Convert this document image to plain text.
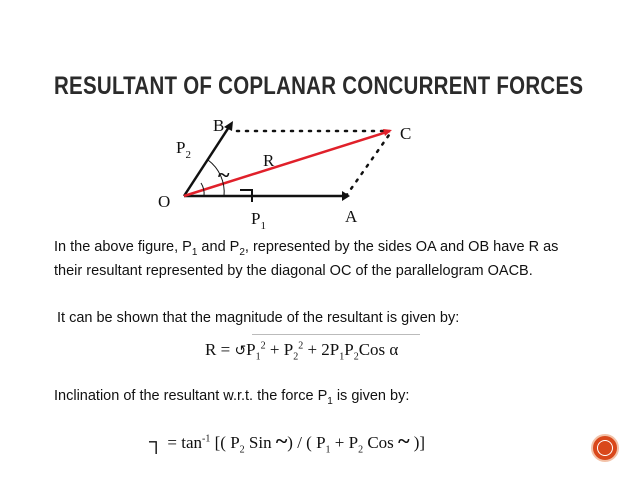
RESULTANT OF COPLANAR CONCURRENT FORCES
B	C
O
A
R
~
$P_2$
$P_1$
In the above figure, $P_1$ and $P_2$, represented by the sides OA and OB have R as their resultant represented by the diagonal OC of the parallelogram OACB.
It can be shown that the magnitude of the resultant is given by:
$R = ↺P_1^2 + P_2^2 + 2P_1P_2Cos$ α
Inclination of the resultant w.r.t. the force $P_1$ is given by:
┐ = $\tan^{-1}$ [( $P_2$ Sin ~) / ( $P_1 + P_2$ Cos ~ )]
